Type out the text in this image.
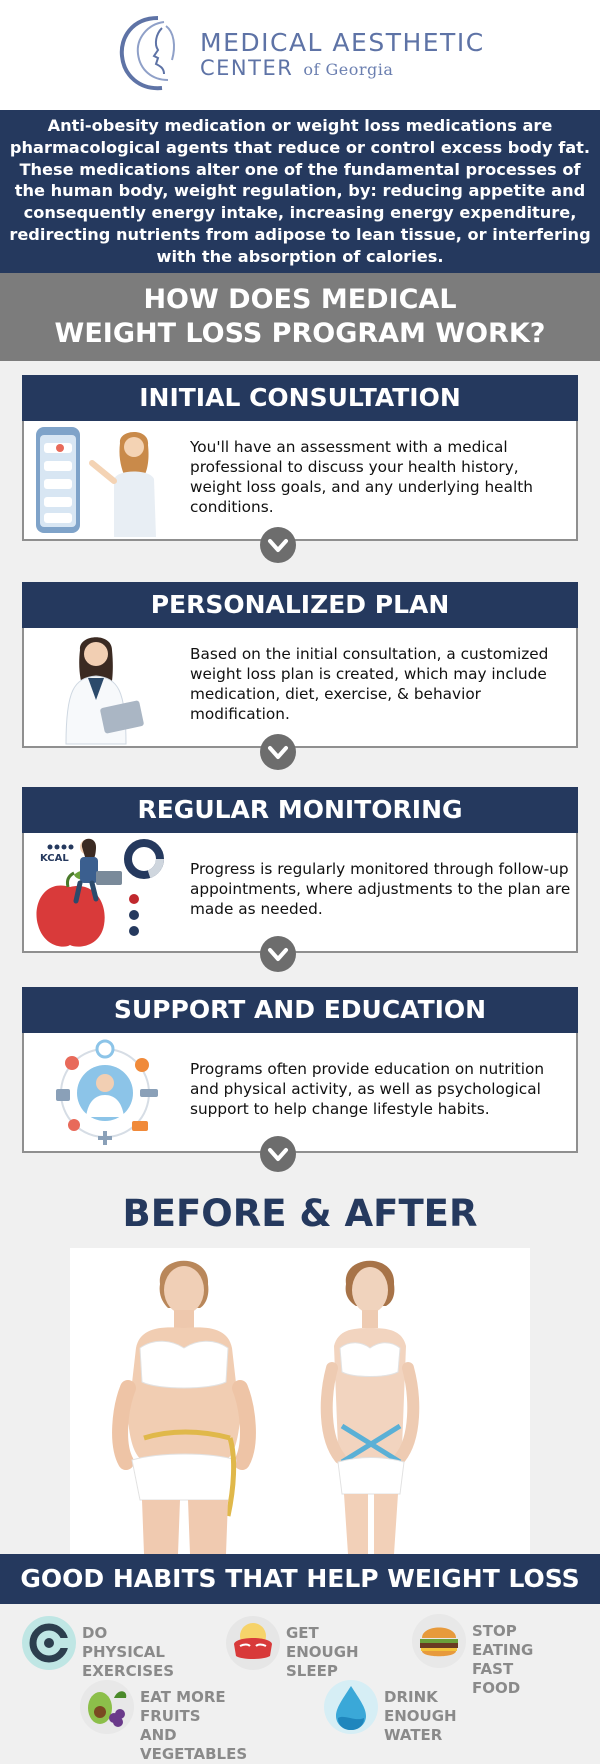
MEDICAL AESTHETIC
CENTER of Georgia
Anti-obesity medication or weight loss medications are pharmacological agents that reduce or control excess body fat. These medications alter one of the fundamental processes of the human body, weight regulation, by: reducing appetite and consequently energy intake, increasing energy expenditure, redirecting nutrients from adipose to lean tissue, or interfering with the absorption of calories.
HOW DOES MEDICAL
WEIGHT LOSS PROGRAM WORK?
INITIAL CONSULTATION
You'll have an assessment with a medical professional to discuss your health history, weight loss goals, and any underlying health conditions.
PERSONALIZED PLAN
Based on the initial consultation, a customized weight loss plan is created, which may include medication, diet, exercise, & behavior modification.
REGULAR MONITORING
KCAL
Progress is regularly monitored through follow-up appointments, where adjustments to the plan are made as needed.
SUPPORT AND EDUCATION
Programs often provide education on nutrition and physical activity, as well as psychological support to help change lifestyle habits.
BEFORE & AFTER
GOOD HABITS THAT HELP WEIGHT LOSS
DO PHYSICAL
EXERCISES
GET ENOUGH
SLEEP
STOP EATING
FAST FOOD
EAT MORE FRUITS
AND VEGETABLES
DRINK ENOUGH
WATER
